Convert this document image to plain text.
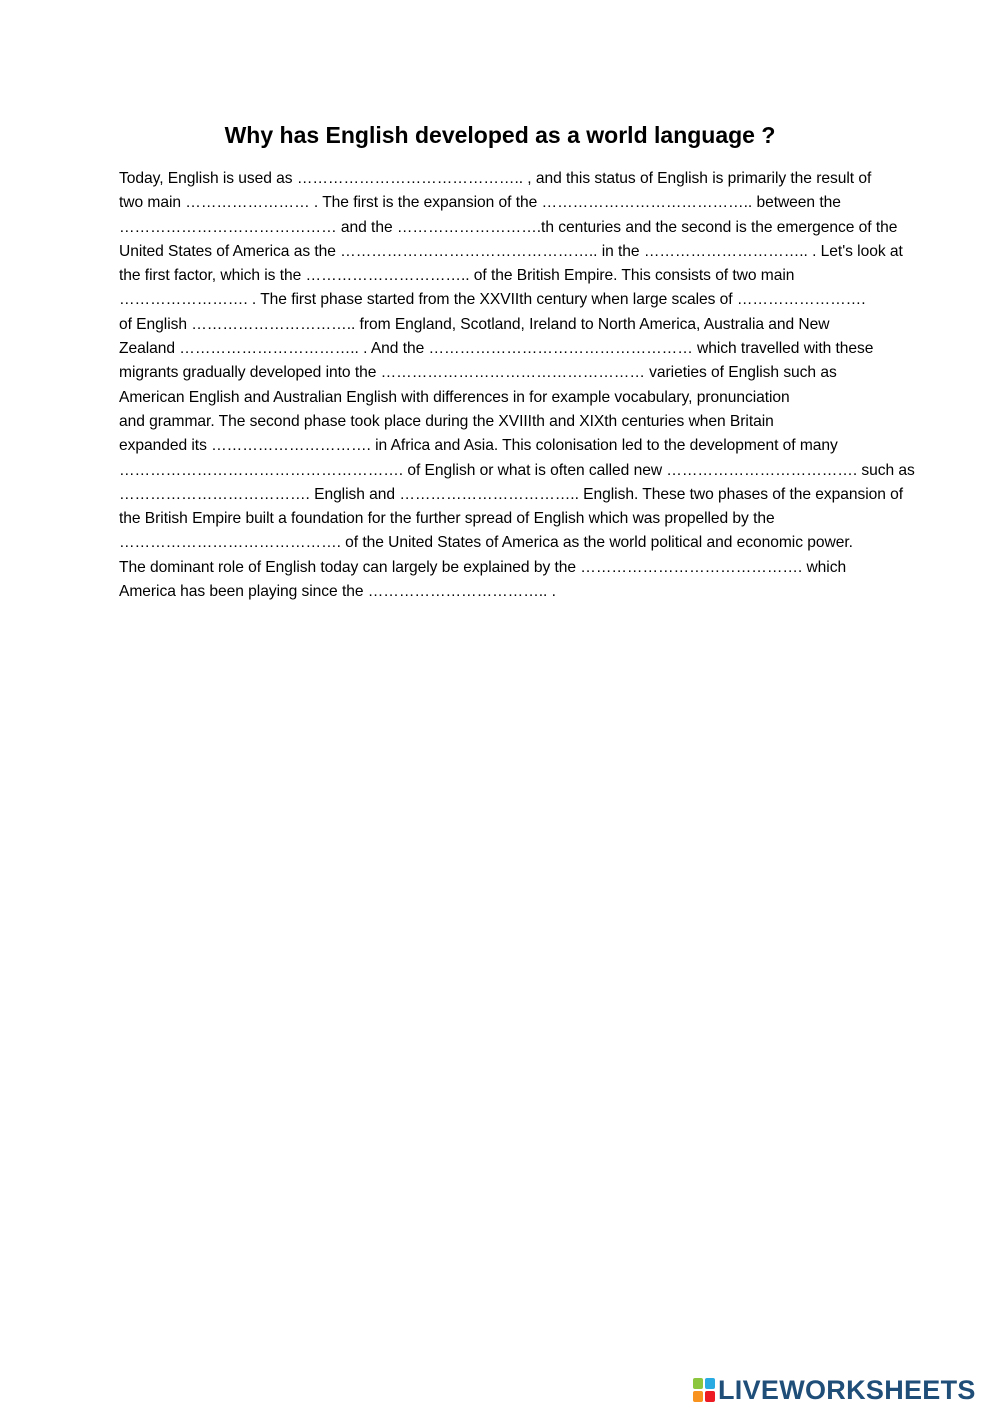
Why has English developed as a world language ?
Today, English is used as …………………………………….. , and this status of English is primarily the result of
two main …………………… . The first is the expansion of the ………………………………….. between the
…………………………………… and the ……………………….th centuries and the second is the emergence of the
United States of America as the ………………………………………….. in the ………………………….. . Let's look at
the first factor, which is the ………………………….. of the British Empire. This consists of two main
……………………. . The first phase started from the XXVIIth century when large scales of …………………….
of English ………………………….. from England, Scotland, Ireland to North America, Australia and New
Zealand …………………………….. . And the …………………………………………… which travelled with these
migrants gradually developed into the …………………………………………… varieties of English such as
American English and Australian English with differences in for example vocabulary, pronunciation
and grammar. The second phase took place during the XVIIIth and XIXth centuries when Britain
expanded its …………………………. in Africa and Asia. This colonisation led to the development of many
………………………………………………. of English or what is often called new ………………………………. such as
………………………………. English and …………………………….. English. These two phases of the expansion of
the British Empire built a foundation for the further spread of English which was propelled by the
……………………………………. of the United States of America as the world political and economic power.
The dominant role of English today can largely be explained by the ……………………………………. which
America has been playing since the …………………………….. .
LIVEWORKSHEETS
